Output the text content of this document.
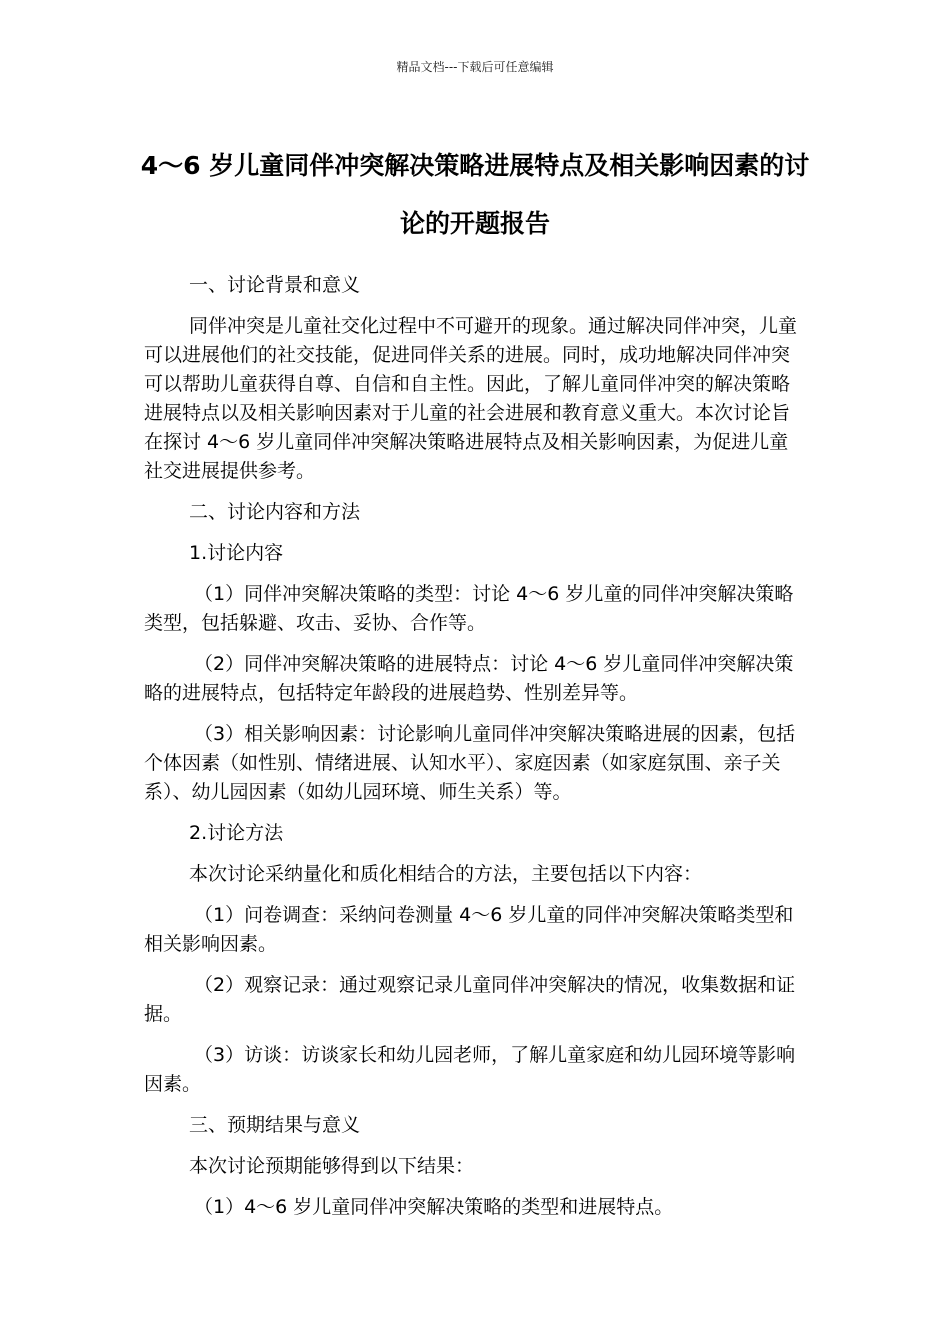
精品文档---下载后可任意编辑
4～6 岁儿童同伴冲突解决策略进展特点及相关影响因素的讨论的开题报告

一、讨论背景和意义

同伴冲突是儿童社交化过程中不可避开的现象。通过解决同伴冲突，儿童可以进展他们的社交技能，促进同伴关系的进展。同时，成功地解决同伴冲突可以帮助儿童获得自尊、自信和自主性。因此，了解儿童同伴冲突的解决策略进展特点以及相关影响因素对于儿童的社会进展和教育意义重大。本次讨论旨在探讨 4～6 岁儿童同伴冲突解决策略进展特点及相关影响因素，为促进儿童社交进展提供参考。

二、讨论内容和方法

1.讨论内容

（1）同伴冲突解决策略的类型：讨论 4～6 岁儿童的同伴冲突解决策略类型，包括躲避、攻击、妥协、合作等。

（2）同伴冲突解决策略的进展特点：讨论 4～6 岁儿童同伴冲突解决策略的进展特点，包括特定年龄段的进展趋势、性别差异等。

（3）相关影响因素：讨论影响儿童同伴冲突解决策略进展的因素，包括个体因素（如性别、情绪进展、认知水平）、家庭因素（如家庭氛围、亲子关系）、幼儿园因素（如幼儿园环境、师生关系）等。

2.讨论方法

本次讨论采纳量化和质化相结合的方法，主要包括以下内容：

（1）问卷调查：采纳问卷测量 4～6 岁儿童的同伴冲突解决策略类型和相关影响因素。

（2）观察记录：通过观察记录儿童同伴冲突解决的情况，收集数据和证据。

（3）访谈：访谈家长和幼儿园老师，了解儿童家庭和幼儿园环境等影响因素。

三、预期结果与意义

本次讨论预期能够得到以下结果：

（1）4～6 岁儿童同伴冲突解决策略的类型和进展特点。
